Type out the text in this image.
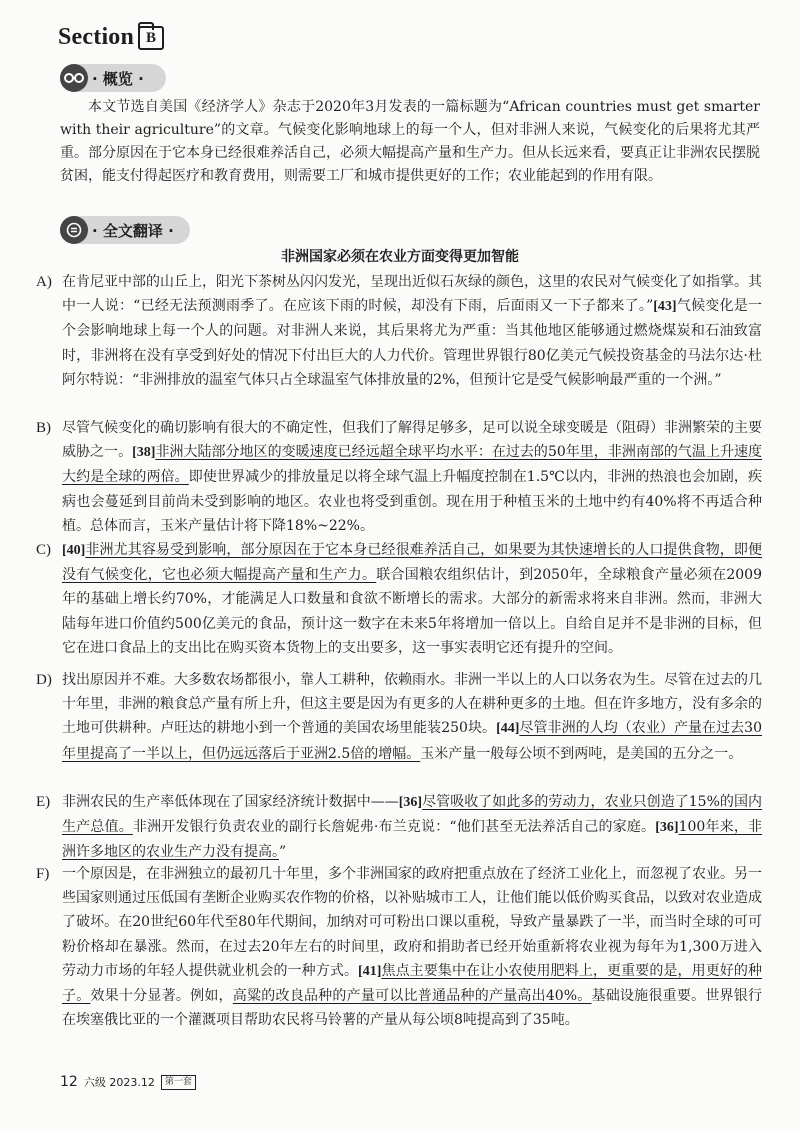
Section B
· 概览 ·

本文节选自美国《经济学人》杂志于2020年3月发表的一篇标题为“African countries must get smarter with their agriculture”的文章。气候变化影响地球上的每一个人，但对非洲人来说，气候变化的后果将尤其严重。部分原因在于它本身已经很难养活自己，必须大幅提高产量和生产力。但从长远来看，要真正让非洲农民摆脱贫困，能支付得起医疗和教育费用，则需要工厂和城市提供更好的工作；农业能起到的作用有限。

· 全文翻译 ·
非洲国家必须在农业方面变得更加智能

A) 在肯尼亚中部的山丘上，阳光下茶树丛闪闪发光，呈现出近似石灰绿的颜色，这里的农民对气候变化了如指掌。其中一人说：“已经无法预测雨季了。在应该下雨的时候，却没有下雨，后面雨又一下子都来了。”[43]气候变化是一个会影响地球上每一个人的问题。对非洲人来说，其后果将尤为严重：当其他地区能够通过燃烧煤炭和石油致富时，非洲将在没有享受到好处的情况下付出巨大的人力代价。管理世界银行80亿美元气候投资基金的马法尔达·杜阿尔特说：“非洲排放的温室气体只占全球温室气体排放量的2%，但预计它是受气候影响最严重的一个洲。”

B) 尽管气候变化的确切影响有很大的不确定性，但我们了解得足够多，足可以说全球变暖是（阻碍）非洲繁荣的主要威胁之一。[38]非洲大陆部分地区的变暖速度已经远超全球平均水平：在过去的50年里，非洲南部的气温上升速度大约是全球的两倍。即使世界减少的排放量足以将全球气温上升幅度控制在1.5℃以内，非洲的热浪也会加剧，疾病也会蔓延到目前尚未受到影响的地区。农业也将受到重创。现在用于种植玉米的土地中约有40%将不再适合种植。总体而言，玉米产量估计将下降18%~22%。

C) [40]非洲尤其容易受到影响，部分原因在于它本身已经很难养活自己，如果要为其快速增长的人口提供食物，即便没有气候变化，它也必须大幅提高产量和生产力。联合国粮农组织估计，到2050年，全球粮食产量必须在2009年的基础上增长约70%，才能满足人口数量和食欲不断增长的需求。大部分的新需求将来自非洲。然而，非洲大陆每年进口价值约500亿美元的食品，预计这一数字在未来5年将增加一倍以上。自给自足并不是非洲的目标，但它在进口食品上的支出比在购买资本货物上的支出要多，这一事实表明它还有提升的空间。

D) 找出原因并不难。大多数农场都很小，靠人工耕种，依赖雨水。非洲一半以上的人口以务农为生。尽管在过去的几十年里，非洲的粮食总产量有所上升，但这主要是因为有更多的人在耕种更多的土地。但在许多地方，没有多余的土地可供耕种。卢旺达的耕地小到一个普通的美国农场里能装250块。[44]尽管非洲的人均（农业）产量在过去30年里提高了一半以上，但仍远远落后于亚洲2.5倍的增幅。玉米产量一般每公顷不到两吨，是美国的五分之一。

E) 非洲农民的生产率低体现在了国家经济统计数据中——[36]尽管吸收了如此多的劳动力，农业只创造了15%的国内生产总值。非洲开发银行负责农业的副行长詹妮弗·布兰克说：“他们甚至无法养活自己的家庭。[36]100年来，非洲许多地区的农业生产力没有提高。”

F) 一个原因是，在非洲独立的最初几十年里，多个非洲国家的政府把重点放在了经济工业化上，而忽视了农业。另一些国家则通过压低国有垄断企业购买农作物的价格，以补贴城市工人，让他们能以低价购买食品，以致对农业造成了破坏。在20世纪60年代至80年代期间，加纳对可可粉出口课以重税，导致产量暴跌了一半，而当时全球的可可粉价格却在暴涨。然而，在过去20年左右的时间里，政府和捐助者已经开始重新将农业视为每年为1,300万进入劳动力市场的年轻人提供就业机会的一种方式。[41]焦点主要集中在让小农使用肥料上，更重要的是，用更好的种子。效果十分显著。例如，高粱的改良品种的产量可以比普通品种的产量高出40%。基础设施很重要。世界银行在埃塞俄比亚的一个灌溉项目帮助农民将马铃薯的产量从每公顷8吨提高到了35吨。

12 六级 2023.12	第一套
